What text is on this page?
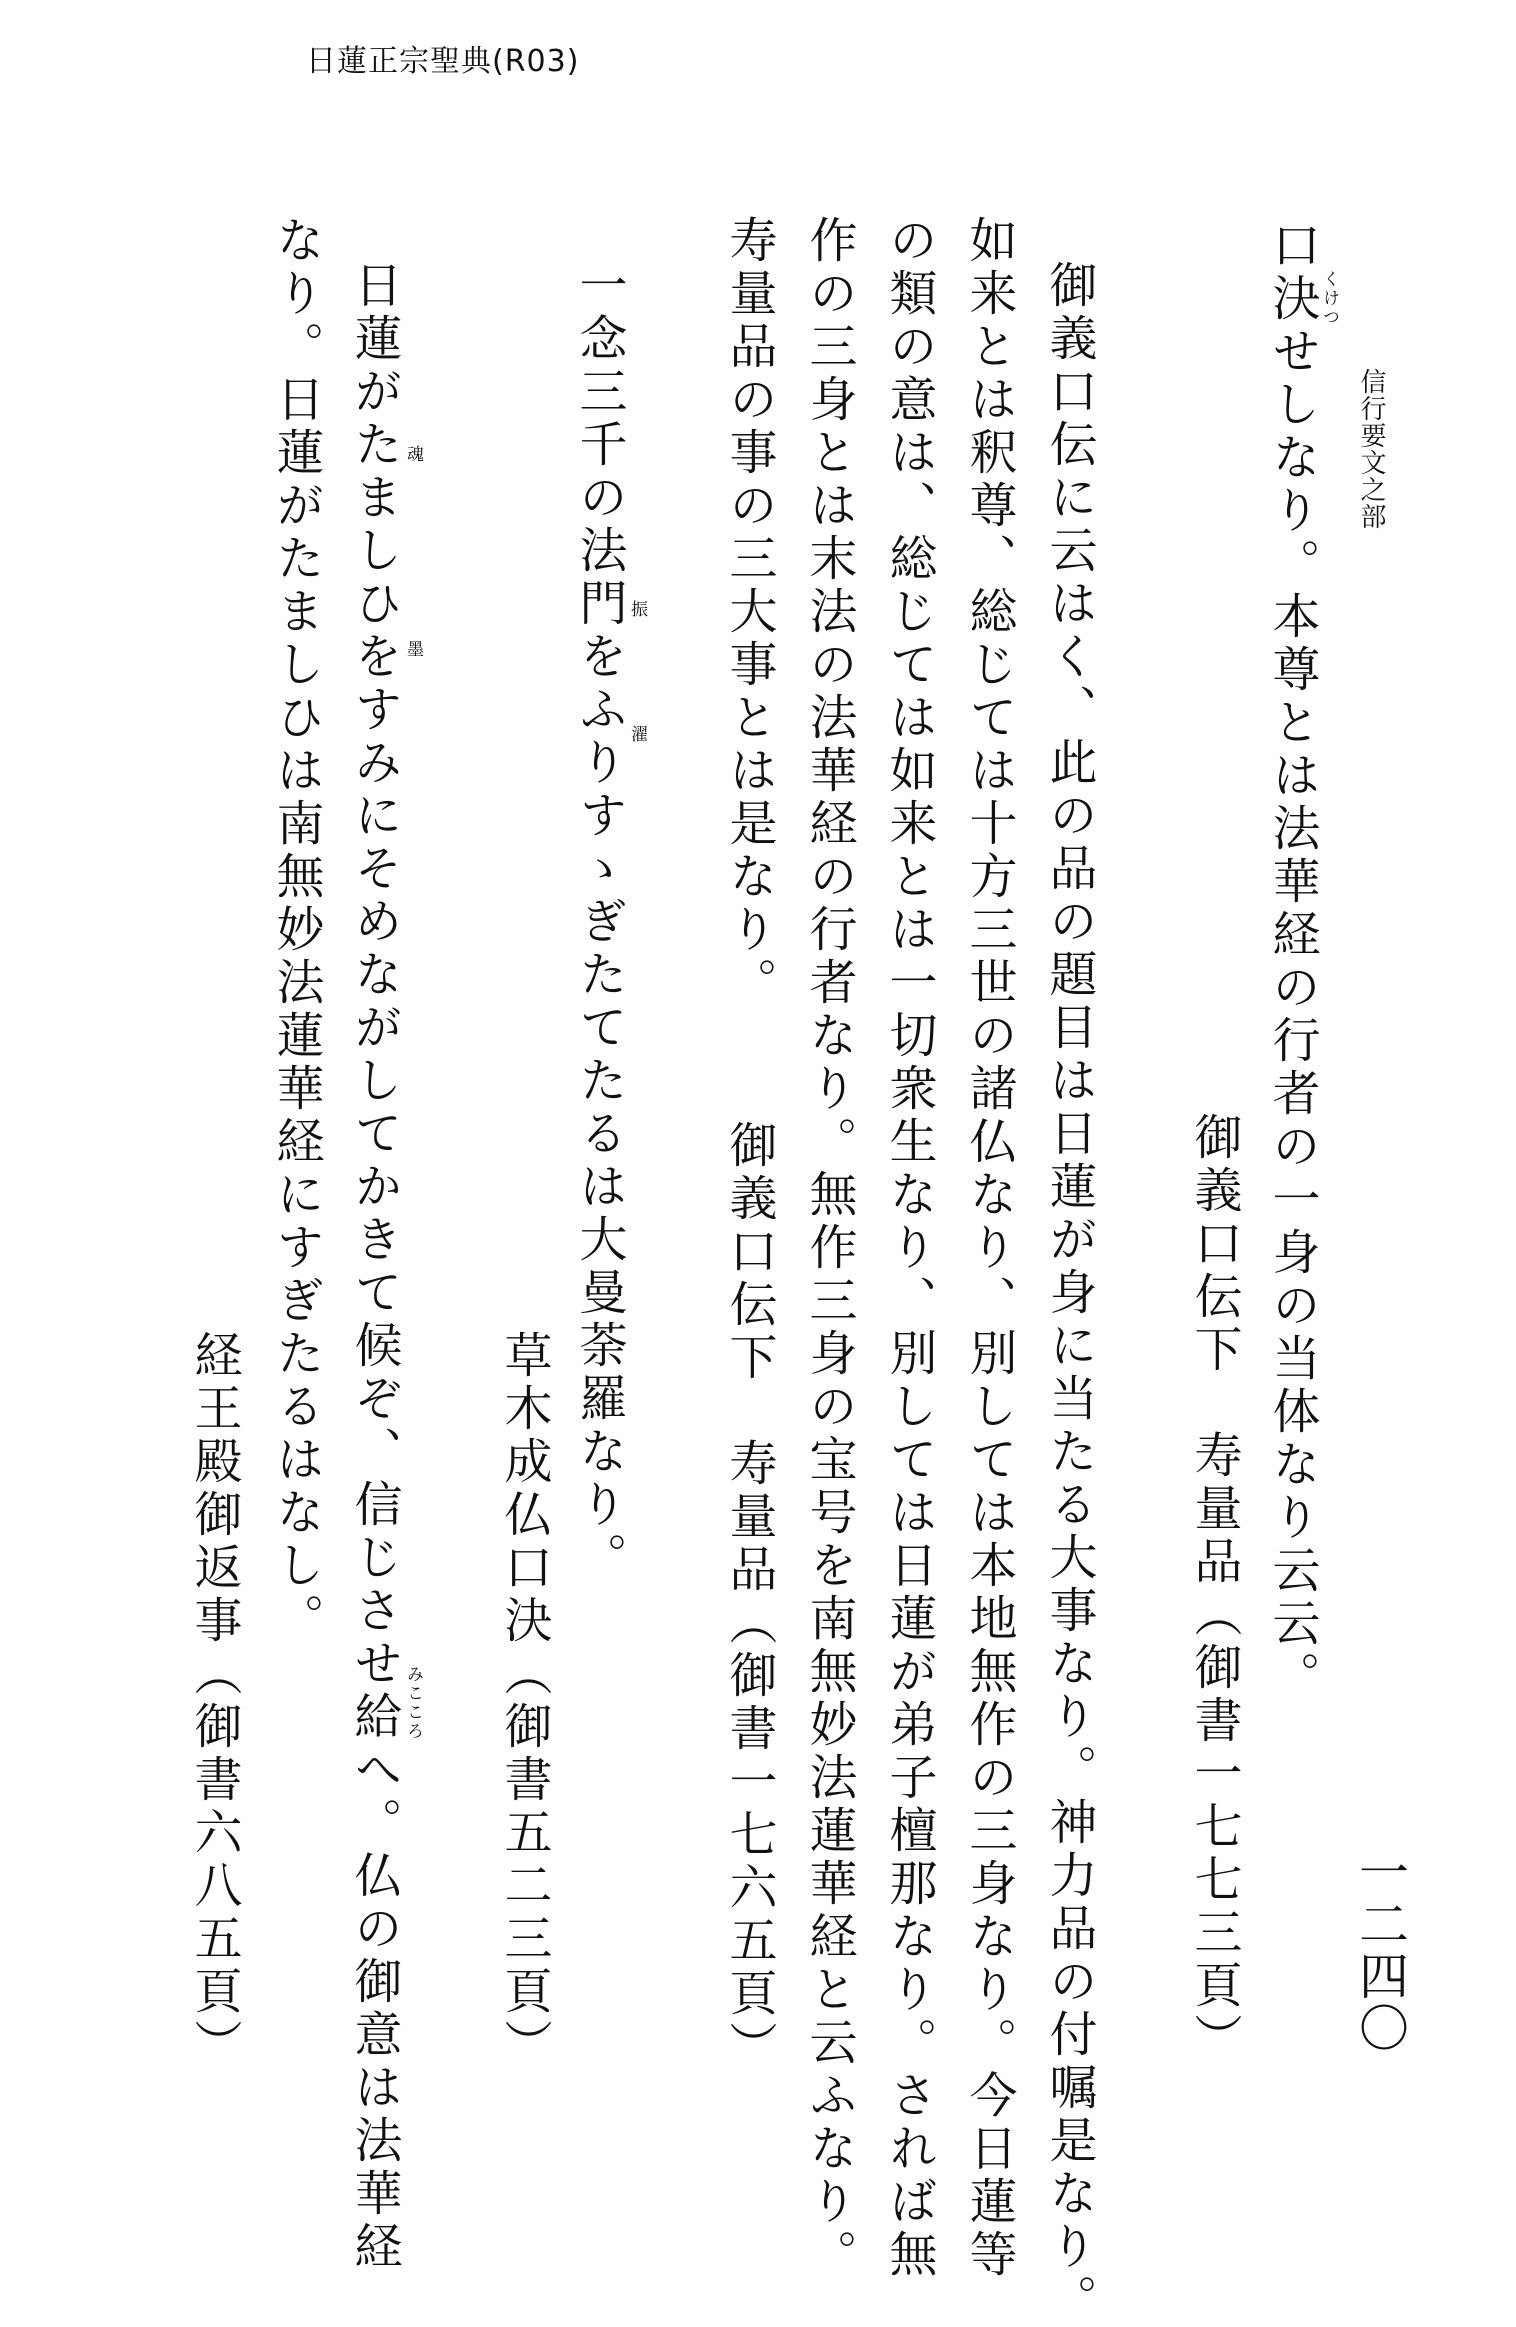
日蓮正宗聖典(R03)
信行要文之部
一二四〇
口決せしなり。本尊とは法華経の行者の一身の当体なり云云。
御義口伝下　寿量品（御書一七七三頁）
御義口伝に云はく、此の品の題目は日蓮が身に当たる大事なり。神力品の付嘱是なり。
如来とは釈尊、総じては十方三世の諸仏なり、別しては本地無作の三身なり。今日蓮等
の類の意は、総じては如来とは一切衆生なり、別しては日蓮が弟子檀那なり。されば無
作の三身とは末法の法華経の行者なり。無作三身の宝号を南無妙法蓮華経と云ふなり。
寿量品の事の三大事とは是なり。
御義口伝下　寿量品（御書一七六五頁）
一念三千の法門をふりすゝぎたてたるは大曼荼羅なり。
草木成仏口決（御書五二三頁）
日蓮がたましひをすみにそめながしてかきて候ぞ、信じさせ給へ。仏の御意は法華経
なり。日蓮がたましひは南無妙法蓮華経にすぎたるはなし。
経王殿御返事（御書六八五頁）
くけつ
魂
墨
振
濯
みこころ
